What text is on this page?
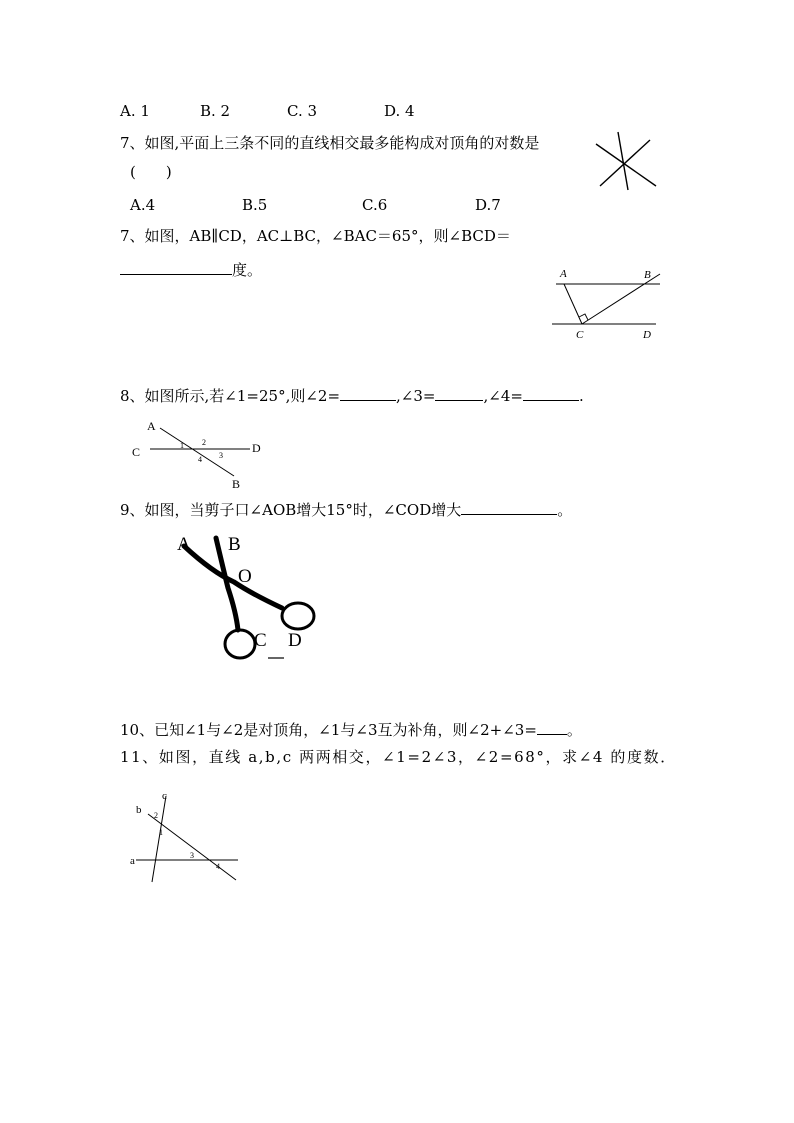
A. 1	B. 2	C. 3	D. 4
7、如图,平面上三条不同的直线相交最多能构成对顶角的对数是
(　　)
A.4	B.5	C.6	D.7
7、如图，AB∥CD，AC⊥BC，∠BAC＝65°，则∠BCD＝
度。	A	B
C	D
8、如图所示,若∠1=25°,则∠2=	,∠3=	,∠4=	.
A
C	D
B
1 2
3
4
9、如图，当剪子口∠AOB增大15°时，∠COD增大	。
A B
O
C D
10、已知∠1与∠2是对顶角，∠1与∠3互为补角，则∠2+∠3= 。
11、如图，直线 a,b,c 两两相交，∠1=2∠3，∠2=68°，求∠4 的度数．
c
b
a
2
1
3
4
